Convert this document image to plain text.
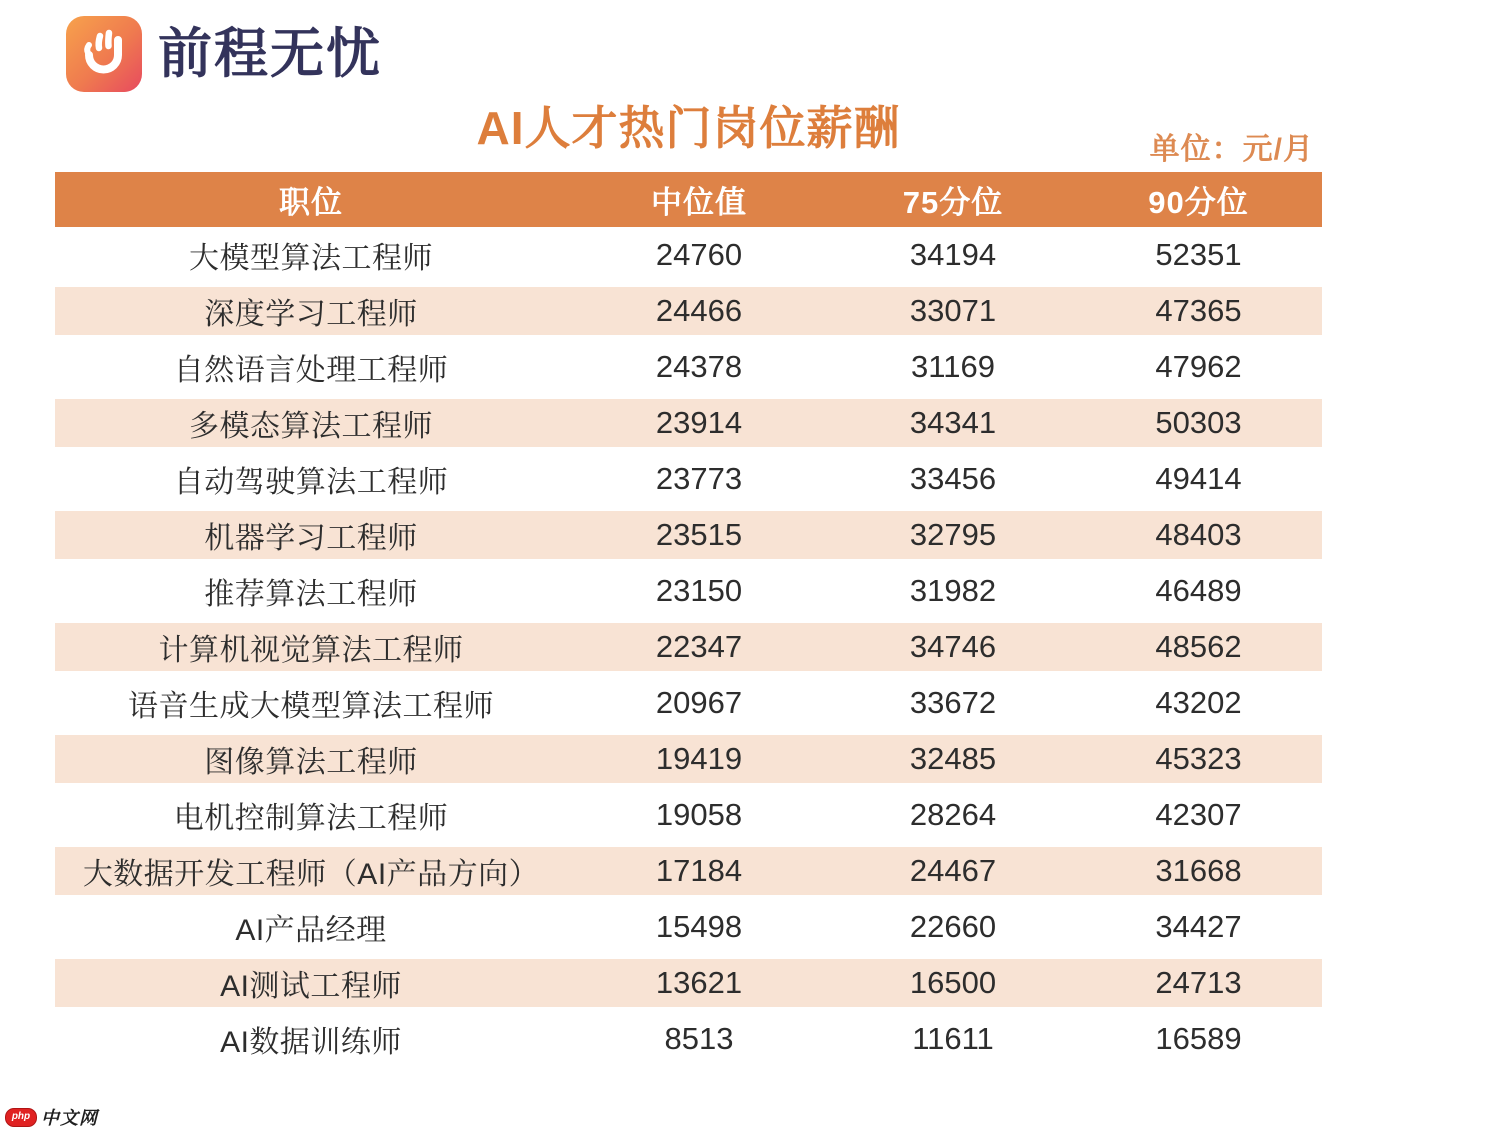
前程无忧
AI人才热门岗位薪酬	单位：元/月
职位	中位值	75分位	90分位
大模型算法工程师	24760	34194	52351
深度学习工程师	24466	33071	47365
自然语言处理工程师	24378	31169	47962
多模态算法工程师	23914	34341	50303
自动驾驶算法工程师	23773	33456	49414
机器学习工程师	23515	32795	48403
推荐算法工程师	23150	31982	46489
计算机视觉算法工程师	22347	34746	48562
语音生成大模型算法工程师	20967	33672	43202
图像算法工程师	19419	32485	45323
电机控制算法工程师	19058	28264	42307
大数据开发工程师（AI产品方向）	17184	24467	31668
AI产品经理	15498	22660	34427
AI测试工程师	13621	16500	24713
AI数据训练师	8513	11611	16589
php 中文网
